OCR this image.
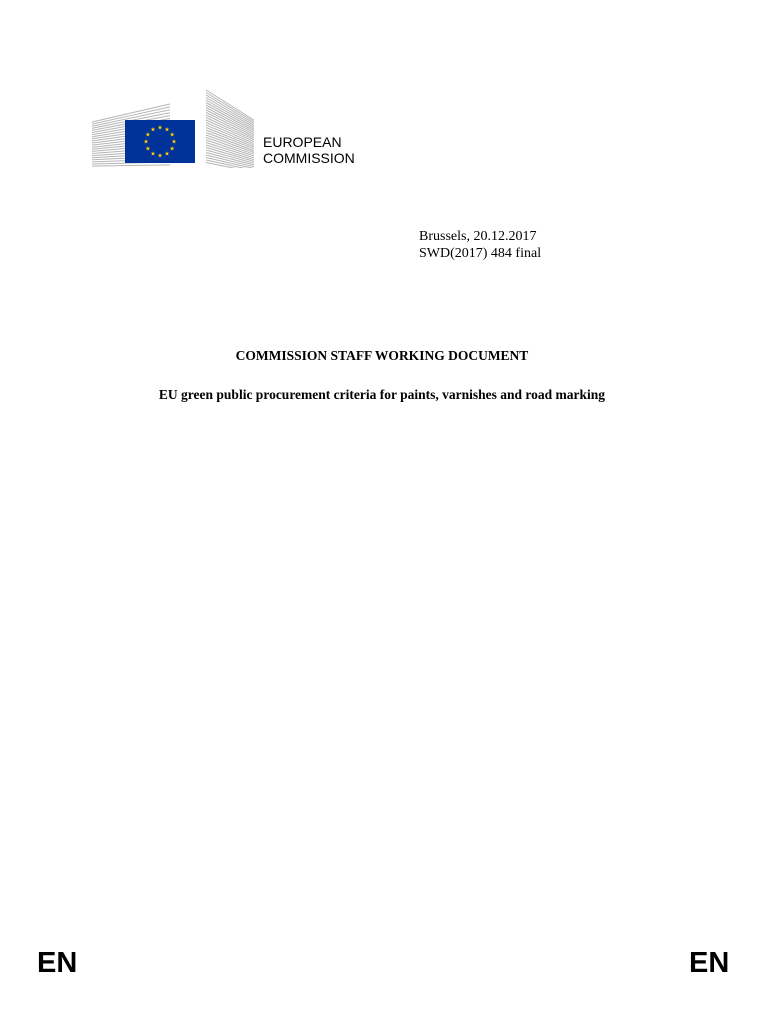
EUROPEAN
COMMISSION
Brussels, 20.12.2017
SWD(2017) 484 final
COMMISSION STAFF WORKING DOCUMENT
EU green public procurement criteria for paints, varnishes and road marking
EN	EN
